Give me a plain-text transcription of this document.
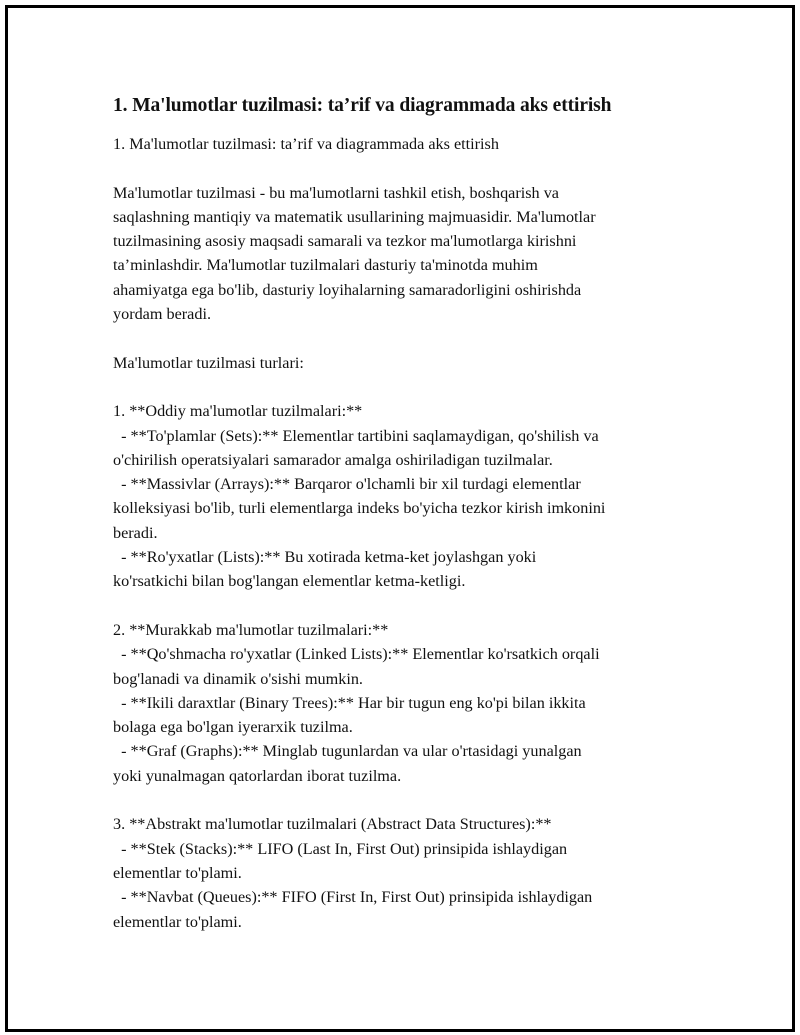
1. Ma'lumotlar tuzilmasi: ta’rif va diagrammada aks ettirish
1. Ma'lumotlar tuzilmasi: ta’rif va diagrammada aks ettirish
Ma'lumotlar tuzilmasi - bu ma'lumotlarni tashkil etish, boshqarish va
saqlashning mantiqiy va matematik usullarining majmuasidir. Ma'lumotlar
tuzilmasining asosiy maqsadi samarali va tezkor ma'lumotlarga kirishni
ta’minlashdir. Ma'lumotlar tuzilmalari dasturiy ta'minotda muhim
ahamiyatga ega bo'lib, dasturiy loyihalarning samaradorligini oshirishda
yordam beradi.
Ma'lumotlar tuzilmasi turlari:
1. **Oddiy ma'lumotlar tuzilmalari:**
- **To'plamlar (Sets):** Elementlar tartibini saqlamaydigan, qo'shilish va
o'chirilish operatsiyalari samarador amalga oshiriladigan tuzilmalar.
- **Massivlar (Arrays):** Barqaror o'lchamli bir xil turdagi elementlar
kolleksiyasi bo'lib, turli elementlarga indeks bo'yicha tezkor kirish imkonini
beradi.
- **Ro'yxatlar (Lists):** Bu xotirada ketma-ket joylashgan yoki
ko'rsatkichi bilan bog'langan elementlar ketma-ketligi.
2. **Murakkab ma'lumotlar tuzilmalari:**
- **Qo'shmacha ro'yxatlar (Linked Lists):** Elementlar ko'rsatkich orqali
bog'lanadi va dinamik o'sishi mumkin.
- **Ikili daraxtlar (Binary Trees):** Har bir tugun eng ko'pi bilan ikkita
bolaga ega bo'lgan iyerarxik tuzilma.
- **Graf (Graphs):** Minglab tugunlardan va ular o'rtasidagi yunalgan
yoki yunalmagan qatorlardan iborat tuzilma.
3. **Abstrakt ma'lumotlar tuzilmalari (Abstract Data Structures):**
- **Stek (Stacks):** LIFO (Last In, First Out) prinsipida ishlaydigan
elementlar to'plami.
- **Navbat (Queues):** FIFO (First In, First Out) prinsipida ishlaydigan
elementlar to'plami.
